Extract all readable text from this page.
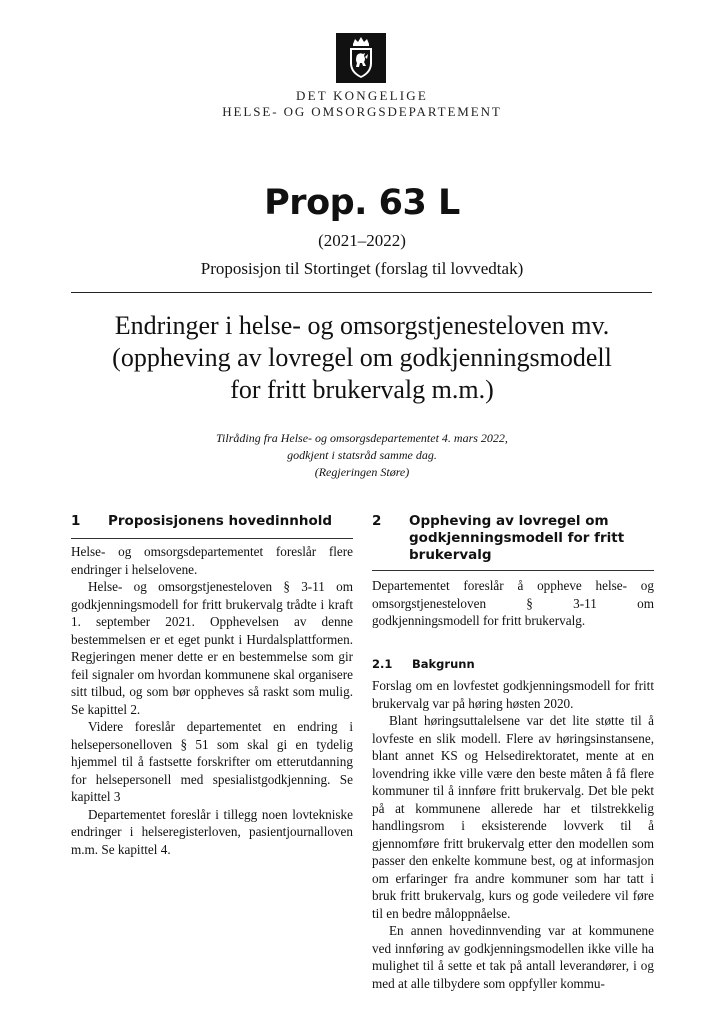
DET KONGELIGE
HELSE- OG OMSORGSDEPARTEMENT
Prop. 63 L
(2021–2022)
Proposisjon til Stortinget (forslag til lovvedtak)
Endringer i helse- og omsorgstjenesteloven mv.
(oppheving av lovregel om godkjenningsmodell
for fritt brukervalg m.m.)
Tilråding fra Helse- og omsorgsdepartementet 4. mars 2022,
godkjent i statsråd samme dag.
(Regjeringen Støre)
1	Proposisjonens hovedinnhold

Helse- og omsorgsdepartementet foreslår flere endringer i helselovene.

Helse- og omsorgstjenesteloven § 3-11 om godkjenningsmodell for fritt brukervalg trådte i kraft 1. september 2021. Opphevelsen av denne bestemmelsen er et eget punkt i Hurdalsplattformen. Regjeringen mener dette er en bestemmelse som gir feil signaler om hvordan kommunene skal organisere sitt tilbud, og som bør oppheves så raskt som mulig. Se kapittel 2.

Videre foreslår departementet en endring i helsepersonelloven § 51 som skal gi en tydelig hjemmel til å fastsette forskrifter om etterutdanning for helsepersonell med spesialistgodkjenning. Se kapittel 3

Departementet foreslår i tillegg noen lovtekniske endringer i helseregisterloven, pasientjournalloven m.m. Se kapittel 4.

2	Oppheving av lovregel om godkjenningsmodell for fritt brukervalg

Departementet foreslår å oppheve helse- og omsorgstjenesteloven § 3-11 om godkjenningsmodell for fritt brukervalg.

2.1	Bakgrunn

Forslag om en lovfestet godkjenningsmodell for fritt brukervalg var på høring høsten 2020.

Blant høringsuttalelsene var det lite støtte til å lovfeste en slik modell. Flere av høringsinstansene, blant annet KS og Helsedirektoratet, mente at en lovendring ikke ville være den beste måten å få flere kommuner til å innføre fritt brukervalg. Det ble pekt på at kommunene allerede har et tilstrekkelig handlingsrom i eksisterende lovverk til å gjennomføre fritt brukervalg etter den modellen som passer den enkelte kommune best, og at informasjon om erfaringer fra andre kommuner som har tatt i bruk fritt brukervalg, kurs og gode veiledere vil føre til en bedre måloppnåelse.

En annen hovedinnvending var at kommunene ved innføring av godkjenningsmodellen ikke ville ha mulighet til å sette et tak på antall leverandører, i og med at alle tilbydere som oppfyller kommu-
